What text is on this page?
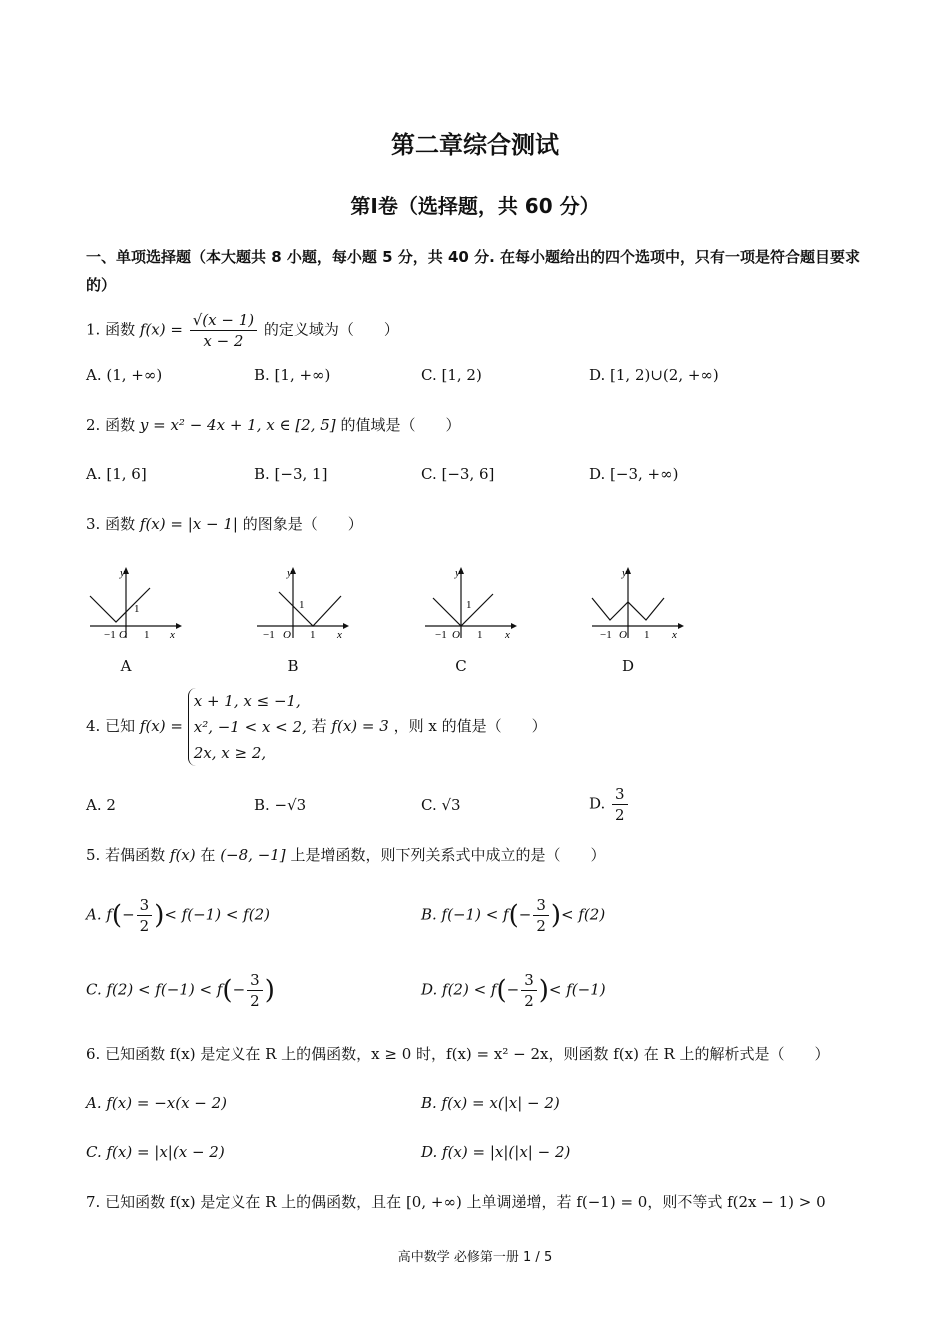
第二章综合测试
第Ⅰ卷（选择题，共 60 分）
一、单项选择题（本大题共 8 小题，每小题 5 分，共 40 分. 在每小题给出的四个选项中，只有一项是符合题目要求的）
1. 函数 $f(x) = \frac{√(x - 1)}{x - 2}$ 的定义域为（　　）
A. (1, +∞)	B. [1, +∞)	C. [1, 2)	D. [1, 2)∪(2, +∞)
2. 函数 y = x² − 4x + 1, x ∈ [2, 5] 的值域是（　　）
A. [1, 6]	B. [−3, 1]	C. [−3, 6]	D. [−3, +∞)
3. 函数 f(x) = |x − 1| 的图象是（　　）
y
x
−1 O 1
1
y
x
−1 O 1
1
y
x
−1 O 1
1
y
x
−1 O 1
A	B	C	D
4. 已知 f(x) = x + 1, x ≤ −1,
x², −1 < x < 2,
2x, x ≥ 2, 若 f(x) = 3 ，则 x 的值是（　　）
A. 2	B. −√3	C. √3	D. $\frac{3}{2}$
5. 若偶函数 f(x) 在 (−8, −1] 上是增函数，则下列关系式中成立的是（　　）
A. $f(- \frac{3}{2}$ )< f(−1) < f(2)	B. $f(-1) < f(- \frac{3}{2}$ )< f(2)
C. $f(2) < f(-1) < f(- \frac{3}{2}$ )	D. $f(2) < f(- \frac{3}{2}$ )< f(−1)
6. 已知函数 f(x) 是定义在 R 上的偶函数，x ≥ 0 时，f(x) = x² − 2x，则函数 f(x) 在 R 上的解析式是（　　）
A. f(x) = −x(x − 2)	B. f(x) = x(|x| − 2)
C. f(x) = |x|(x − 2)	D. f(x) = |x|(|x| − 2)
7. 已知函数 f(x) 是定义在 R 上的偶函数，且在 [0, +∞) 上单调递增，若 f(−1) = 0，则不等式 f(2x − 1) > 0
高中数学 必修第一册 1 / 5
